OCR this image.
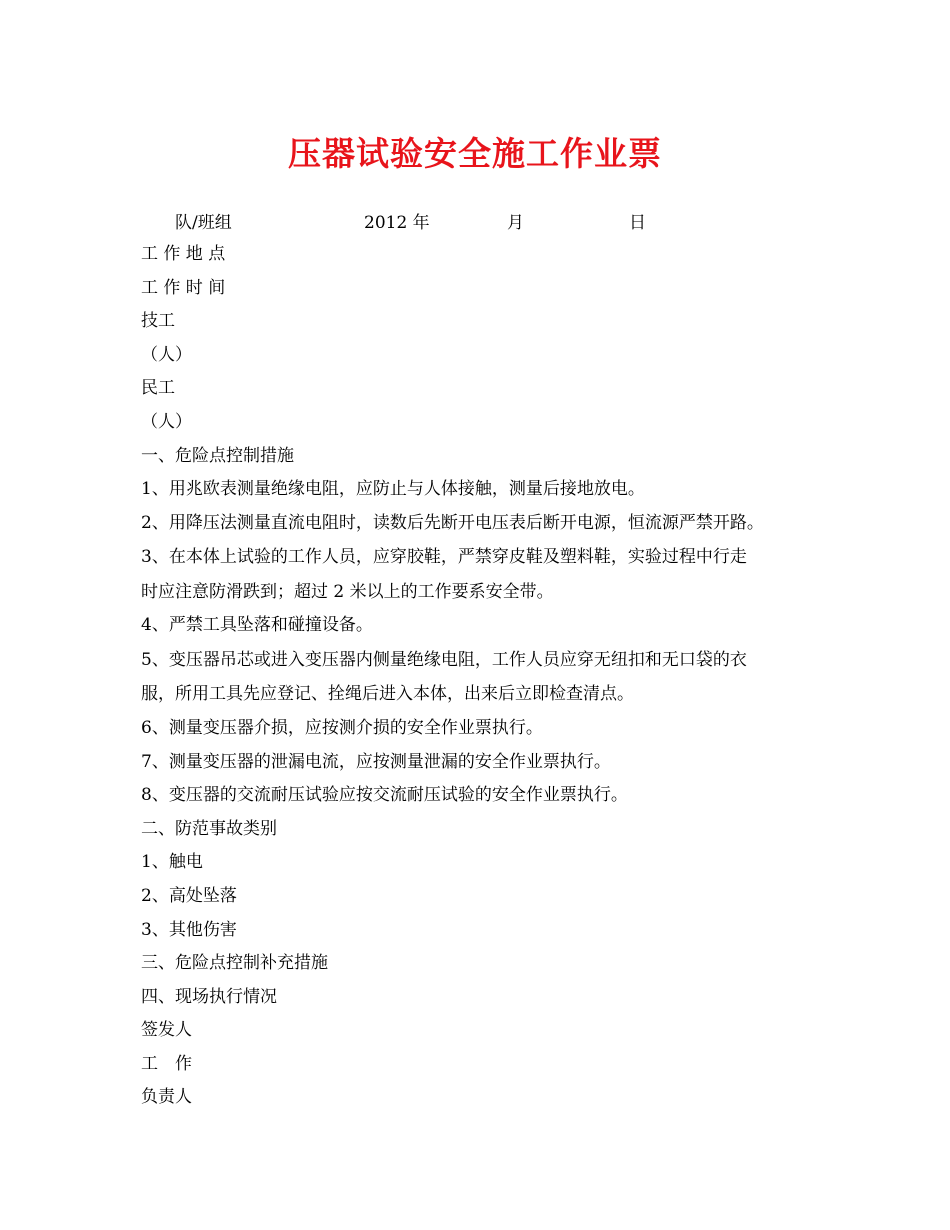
压器试验安全施工作业票
队/班组	2012 年	月	日
工 作 地 点
工 作 时 间
技工
（人）
民工
（人）
一、危险点控制措施
1、用兆欧表测量绝缘电阻，应防止与人体接触，测量后接地放电。
2、用降压法测量直流电阻时，读数后先断开电压表后断开电源，恒流源严禁开路。
3、在本体上试验的工作人员，应穿胶鞋，严禁穿皮鞋及塑料鞋，实验过程中行走
时应注意防滑跌到；超过 2 米以上的工作要系安全带。
4、严禁工具坠落和碰撞设备。
5、变压器吊芯或进入变压器内侧量绝缘电阻，工作人员应穿无纽扣和无口袋的衣
服，所用工具先应登记、拴绳后进入本体，出来后立即检查清点。
6、测量变压器介损，应按测介损的安全作业票执行。
7、测量变压器的泄漏电流，应按测量泄漏的安全作业票执行。
8、变压器的交流耐压试验应按交流耐压试验的安全作业票执行。
二、防范事故类别
1、触电
2、高处坠落
3、其他伤害
三、危险点控制补充措施
四、现场执行情况
签发人
工　作
负责人
